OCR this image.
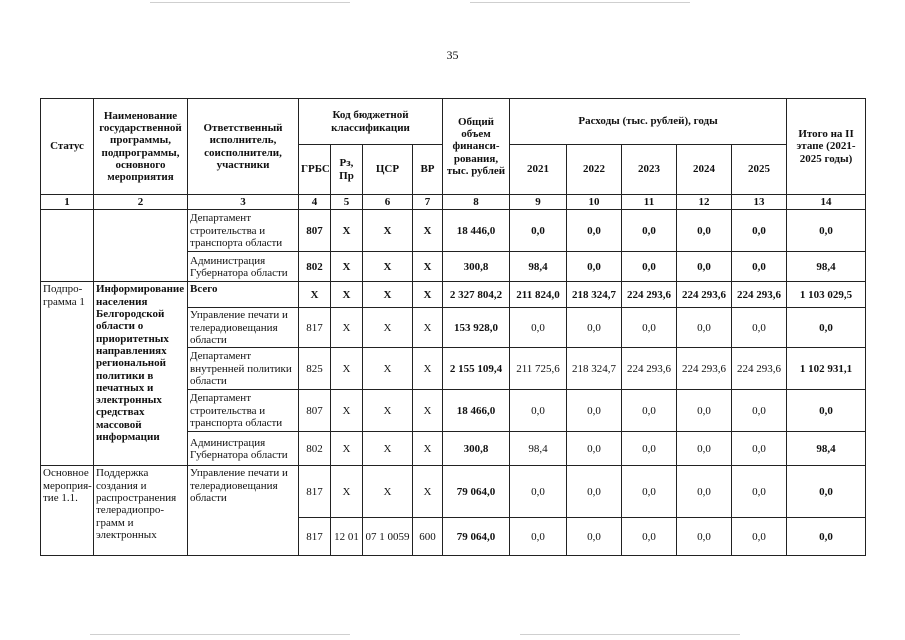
35
Статус	Наименование государственной программы, подпрограммы, основного мероприятия	Ответственный исполнитель, соисполнители, участники	Код бюджетной классификации				Общий объем финанси-рования, тыс. рублей	Расходы (тыс. рублей), годы					Итого на II этапе (2021-2025 годы)
			ГРБС	Рз, Пр	ЦСР	ВР		2021	2022	2023	2024	2025	
1	2	3	4	5	6	7	8	9	10	11	12	13	14
		Департамент строительства и транспорта области	807	X	X	X	18 446,0	0,0	0,0	0,0	0,0	0,0	0,0
		Администрация Губернатора области	802	X	X	X	300,8	98,4	0,0	0,0	0,0	0,0	98,4
Подпро-грамма 1	Информирование населения Белгородской области о приоритетных направлениях региональной политики в печатных и электронных средствах массовой информации	Всего	X	X	X	X	2 327 804,2	211 824,0	218 324,7	224 293,6	224 293,6	224 293,6	1 103 029,5
		Управление печати и телерадиовещания области	817	X	X	X	153 928,0	0,0	0,0	0,0	0,0	0,0	0,0
		Департамент внутренней политики области	825	X	X	X	2 155 109,4	211 725,6	218 324,7	224 293,6	224 293,6	224 293,6	1 102 931,1
		Департамент строительства и транспорта области	807	X	X	X	18 466,0	0,0	0,0	0,0	0,0	0,0	0,0
		Администрация Губернатора области	802	X	X	X	300,8	98,4	0,0	0,0	0,0	0,0	98,4
Основное мероприя-тие 1.1.	Поддержка создания и распространения телерадиопро-грамм и электронных	Управление печати и телерадиовещания области	817	X	X	X	79 064,0	0,0	0,0	0,0	0,0	0,0	0,0
			817	12 01	07 1 0059	600	79 064,0	0,0	0,0	0,0	0,0	0,0	0,0
